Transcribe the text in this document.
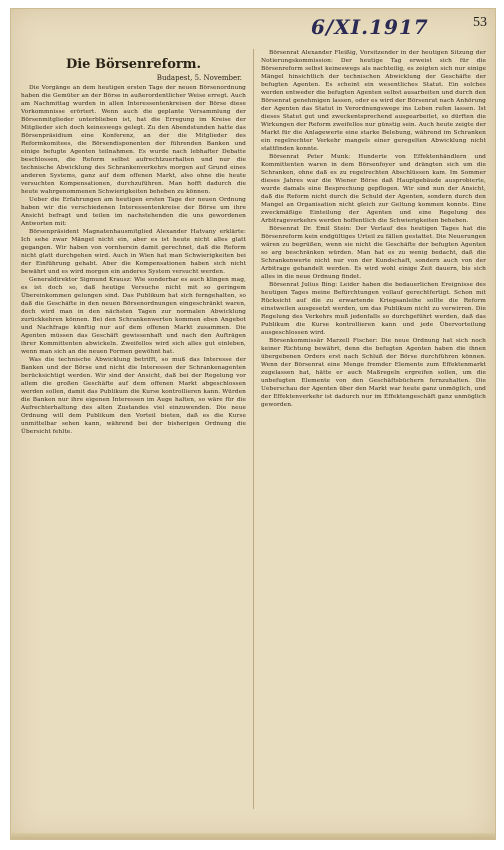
6/XI.1917	53
Die Börsenreform.
Budapest, 5. November.

Die Vorgänge an dem heutigen ersten Tage der neuen Börsenordnung haben die Gemüter an der Börse in außerordentlicher Weise erregt. Auch am Nachmittag wurden in allen Interessentenkreisen der Börse diese Vorkommnisse erörtert. Wenn auch die geplante Versammlung der Börsenmitglieder unterblieben ist, hat die Erregung im Kreise der Mitglieder sich doch keineswegs gelegt. Zu den Abendstunden hatte das Börsenpräsidium eine Konferenz, an der die Mitglieder des Reformkomitees, die Börsendisponenten der führenden Banken und einige befugte Agenten teilnahmen. Es wurde nach lebhafter Debatte beschlossen, die Reform selbst aufrechtzuerhalten und nur die technische Abwicklung des Schrankenverkehrs morgen auf Grund eines anderen Systems, ganz auf dem offenen Markt, also ohne die heute versuchten Kompensationen, durchzuführen. Man hofft dadurch die heute wahrgenommenen Schwierigkeiten beheben zu können.

Ueber die Erfahrungen am heutigen ersten Tage der neuen Ordnung haben wir die verschiedenen Interessentenkreise der Börse um ihre Ansicht befragt und teilen im nachstehenden die uns gewordenen Antworten mit:

Börsenpräsident Magnatenhausmitglied Alexander Hatvany erklärte: Ich sehe zwar Mängel nicht ein, aber es ist heute nicht alles glatt gegangen. Wir haben von vornherein damit gerechnet, daß die Reform nicht glatt durchgehen wird. Auch in Wien hat man Schwierigkeiten bei der Einführung gehabt. Aber die Kompensationen haben sich nicht bewährt und es wird morgen ein anderes System versucht werden.

Generaldirektor Sigmund Krausz: Wie sonderbar es auch klingen mag, es ist doch so, daß heutige Versuche nicht mit so geringem Übereinkommen gelungen sind. Das Publikum hat sich ferngehalten, so daß die Geschäfte in den neuen Börsenordnungen eingeschränkt waren, doch wird man in den nächsten Tagen zur normalen Abwicklung zurückkehren können. Bei den Schrankenwerten kommen eben Angebot und Nachfrage künftig nur auf dem offenen Markt zusammen. Die Agenten müssen das Geschäft gewissenhaft und nach den Aufträgen ihrer Kommittenten abwickeln. Zweifellos wird sich alles gut einleben, wenn man sich an die neuen Formen gewöhnt hat.

Was die technische Abwicklung betrifft, so muß das Interesse der Banken und der Börse und nicht die Interessen der Schrankenagenten berücksichtigt werden. Wir sind der Ansicht, daß bei der Regelung vor allem die großen Geschäfte auf dem offenen Markt abgeschlossen werden sollen, damit das Publikum die Kurse kontrollieren kann. Würden die Banken nur ihre eigenen Interessen im Auge halten, so wäre für die Aufrechterhaltung des alten Zustandes viel einzuwenden. Die neue Ordnung will dem Publikum den Vorteil bieten, daß es die Kurse unmittelbar sehen kann, während bei der bisherigen Ordnung die Übersicht fehlte.

Börsenrat Alexander Fleißig, Vorsitzender in der heutigen Sitzung der Notierungskommission: Der heutige Tag erweist sich für die Börsenreform selbst keineswegs als nachteilig, es zeigten sich nur einige Mängel hinsichtlich der technischen Abwicklung der Geschäfte der befugten Agenten. Es scheint ein wesentliches Statut. Ein solches werden entweder die befugten Agenten selbst ausarbeiten und durch den Börsenrat genehmigen lassen, oder es wird der Börsenrat nach Anhörung der Agenten das Statut in Verordnungswege ins Leben rufen lassen. Ist dieses Statut gut und zweckentsprechend ausgearbeitet, so dürften die Wirkungen der Reform zweifellos nur günstig sein. Auch heute zeigte der Markt für die Anlagewerte eine starke Belebung, während im Schranken ein regelrechter Verkehr mangels einer geregelten Abwicklung nicht stattfinden konnte.

Börsenrat Peter Munk: Hunderte von Effektenhändlern und Kommittenten waren in dem Börsenfoyer und drängten sich um die Schranken, ohne daß es zu regelrechten Abschlüssen kam. Im Sommer dieses Jahres war die Wiener Börse daß Hauptgebäude ausprobierte, wurde damals eine Besprechung gepflogen. Wir sind nun der Ansicht, daß die Reform nicht durch die Schuld der Agenten, sondern durch den Mangel an Organisation nicht gleich zur Geltung kommen konnte. Eine zweckmäßige Einteilung der Agenten und eine Regelung des Arbitrageverkehrs werden hoffentlich die Schwierigkeiten beheben.

Börsenrat Dr. Emil Stein: Der Verlauf des heutigen Tages hat die Börsenreform kein endgültiges Urteil zu fällen gestattet. Die Neuerungen wären zu begrüßen, wenn sie nicht die Geschäfte der befugten Agenten so arg beschränken würden. Man hat es zu wenig bedacht, daß die Schrankenwerte nicht nur von der Kundschaft, sondern auch von der Arbitrage gehandelt werden. Es wird wohl einige Zeit dauern, bis sich alles in die neue Ordnung findet.

Börsenrat Julius Bing: Leider haben die bedauerlichen Ereignisse des heutigen Tages meine Befürchtungen vollauf gerechtfertigt. Schon mit Rücksicht auf die zu erwartende Kriegsanleihe sollte die Reform einstweilen ausgesetzt werden, um das Publikum nicht zu verwirren. Die Regelung des Verkehrs muß jedenfalls so durchgeführt werden, daß das Publikum die Kurse kontrollieren kann und jede Übervorteilung ausgeschlossen wird.

Börsenkommissär Marzell Fischer: Die neue Ordnung hat sich noch keiner Richtung bewährt, denn die befugten Agenten haben die ihnen übergebenen Orders erst nach Schluß der Börse durchführen können. Wenn der Börsenrat eine Menge fremder Elemente zum Effektenmarkt zugelassen hat, hätte er auch Maßregeln ergreifen sollen, um die unbefugten Elemente von den Geschäftsbüchern fernzuhalten. Die Ueberschau der Agenten über den Markt war heute ganz unmöglich, und der Effektenverkehr ist dadurch nur im Effektengeschäft ganz unmöglich geworden.
